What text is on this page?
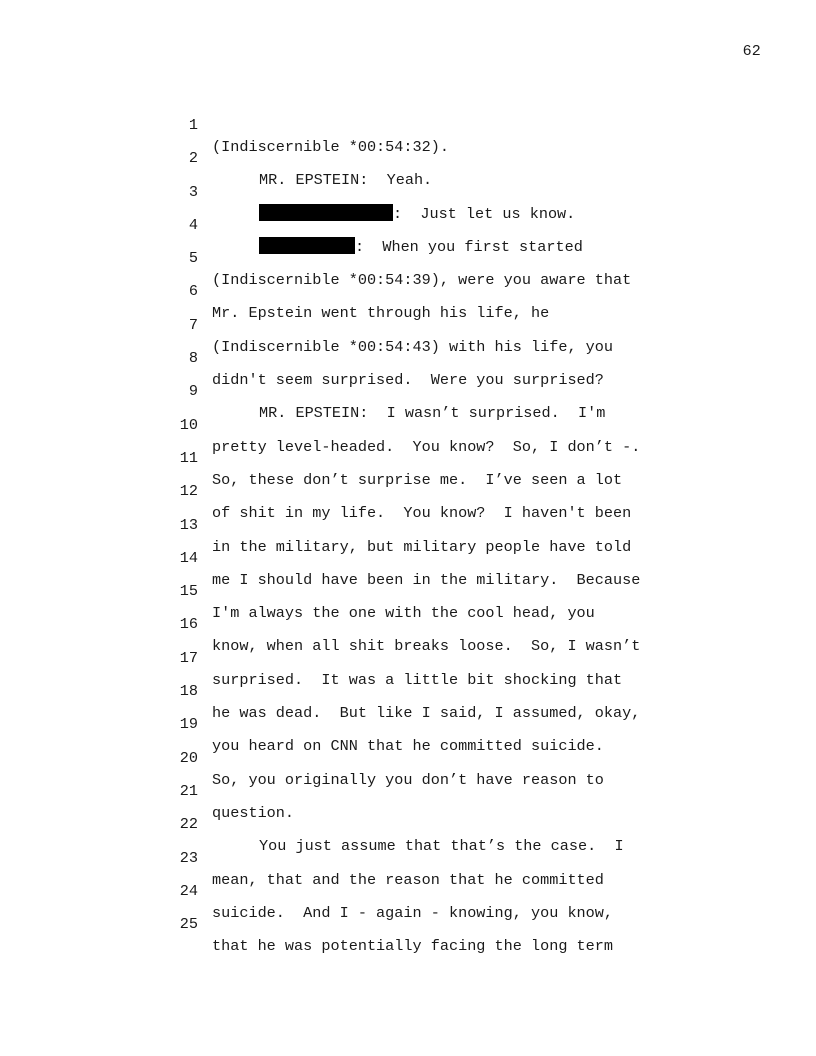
62

1

(Indiscernible *00:54:32).

2

MR. EPSTEIN:  Yeah.

3

:  Just let us know.

4

:  When you first started

5

(Indiscernible *00:54:39), were you aware that

6

Mr. Epstein went through his life, he

7

(Indiscernible *00:54:43) with his life, you

8

didn't seem surprised.  Were you surprised?

9

MR. EPSTEIN:  I wasn’t surprised.  I'm

10

pretty level-headed.  You know?  So, I don’t -.

11

So, these don’t surprise me.  I’ve seen a lot

12

of shit in my life.  You know?  I haven't been

13

in the military, but military people have told

14

me I should have been in the military.  Because

15

I'm always the one with the cool head, you

16

know, when all shit breaks loose.  So, I wasn’t

17

surprised.  It was a little bit shocking that

18

he was dead.  But like I said, I assumed, okay,

19

you heard on CNN that he committed suicide.

20

So, you originally you don’t have reason to

21

question.

22

You just assume that that’s the case.  I

23

mean, that and the reason that he committed

24

suicide.  And I - again - knowing, you know,

25

that he was potentially facing the long term
